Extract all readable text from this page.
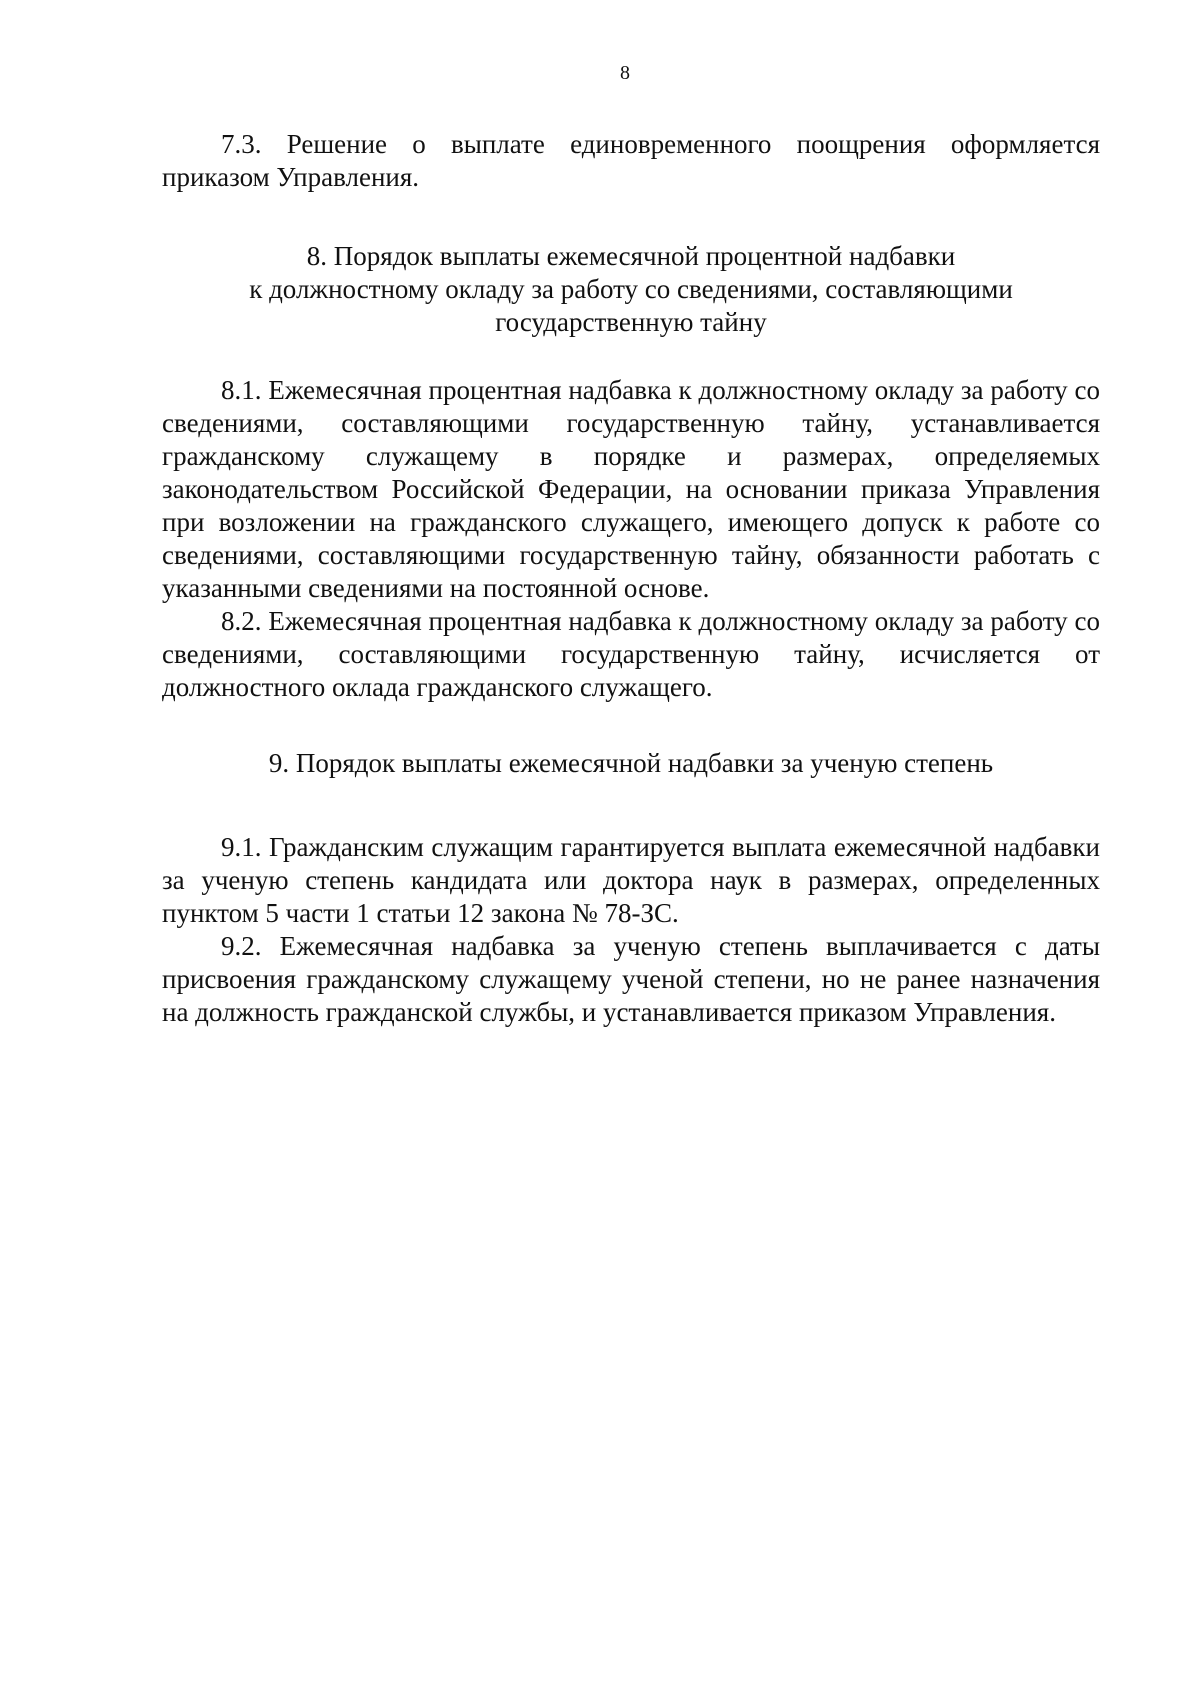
8

7.3. Решение о выплате единовременного поощрения оформляется приказом Управления.

8. Порядок выплаты ежемесячной процентной надбавки
к должностному окладу за работу со сведениями, составляющими
государственную тайну

8.1. Ежемесячная процентная надбавка к должностному окладу за работу со сведениями, составляющими государственную тайну, устанавливается гражданскому служащему в порядке и размерах, определяемых законодательством Российской Федерации, на основании приказа Управления при возложении на гражданского служащего, имеющего допуск к работе со сведениями, составляющими государственную тайну, обязанности работать с указанными сведениями на постоянной основе.

8.2. Ежемесячная процентная надбавка к должностному окладу за работу со сведениями, составляющими государственную тайну, исчисляется от должностного оклада гражданского служащего.

9. Порядок выплаты ежемесячной надбавки за ученую степень

9.1. Гражданским служащим гарантируется выплата ежемесячной надбавки за ученую степень кандидата или доктора наук в размерах, определенных пунктом 5 части 1 статьи 12 закона № 78-ЗС.

9.2. Ежемесячная надбавка за ученую степень выплачивается с даты присвоения гражданскому служащему ученой степени, но не ранее назначения на должность гражданской службы, и устанавливается приказом Управления.
